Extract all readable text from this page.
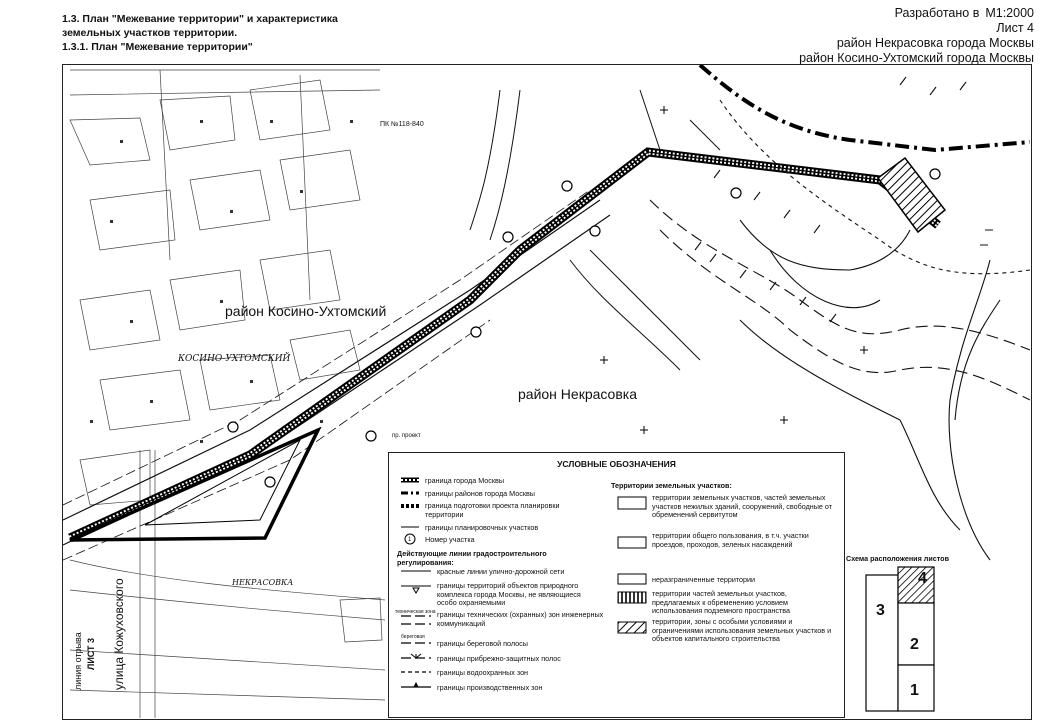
1.3. План "Межевание территории" и характеристика
земельных участков территории.
1.3.1. План "Межевание территории"
Разработано в М1:2000
Лист 4
район Некрасовка города Москвы
район Косино-Ухтомский города Москвы
район Косино-Ухтомский
район Некрасовка
КОСИНО-УХТОМСКИЙ
НЕКРАСОВКА
ПК №118-840
пр. проект
линия отрыва ЛИСТ 3 улица Кожуховского
УСЛОВНЫЕ ОБОЗНАЧЕНИЯ
граница города Москвы
границы районов города Москвы
граница подготовки проекта планировки территории
границы планировочных участков
Номер участка
1
Действующие линии градостроительного регулирования:
красные линии улично-дорожной сети
границы территорий объектов природного комплекса города Москвы, не являющиеся особо охраняемыми
техническая зона границы технических (охранных) зон инженерных коммуникаций
береговая
границы береговой полосы
границы прибрежно-защитных полос
границы водоохранных зон
границы производственных зон
Территории земельных участков:
территории земельных участков, частей земельных участков нежилых зданий, сооружений, свободные от обременений сервитутом
территории общего пользования, в т.ч. участки проездов, проходов, зеленых насаждений
неразграниченные территории
территории частей земельных участков, предлагаемых к обременению условием использования подземного пространства
территории, зоны с особыми условиями и ограничениями использования земельных участков и объектов капитального строительства
Схема расположения листов
3
4
2
1
